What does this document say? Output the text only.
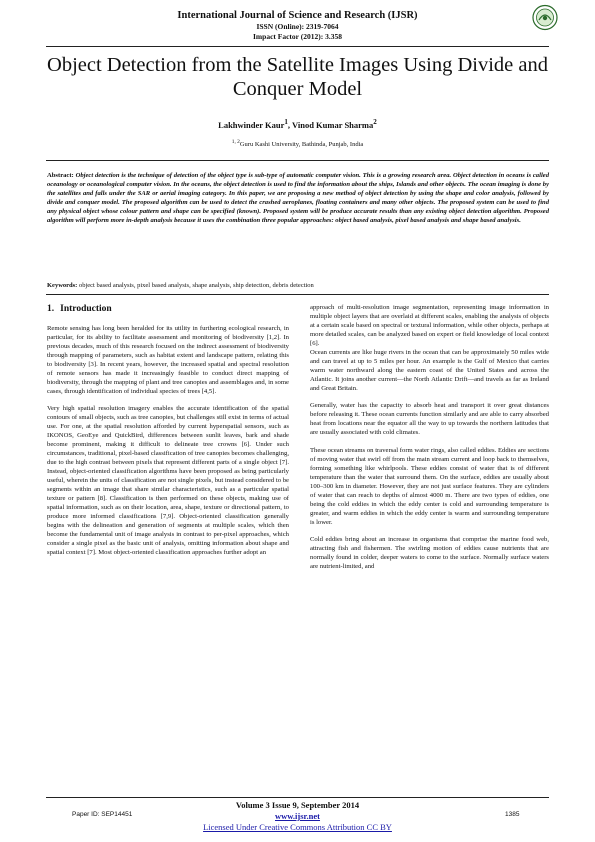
International Journal of Science and Research (IJSR)
ISSN (Online): 2319-7064
Impact Factor (2012): 3.358
Object Detection from the Satellite Images Using Divide and Conquer Model
Lakhwinder Kaur$^1$, Vinod Kumar Sharma$^2$
$^{1, 2}$Guru Kashi University, Bathinda, Punjab, India
Abstract: Object detection is the technique of detection of the object type is sub-type of automatic computer vision. This is a growing research area. Object detection in oceans is called oceanology or oceanological computer vision. In the oceans, the object detection is used to find the information about the ships, Islands and other objects. The ocean imaging is done by the satellites and falls under the SAR or aerial imaging category. In this paper, we are proposing a new method of object detection by using the shape and color analysis, followed by divide and conquer model. The proposed algorithm can be used to detect the crashed aeroplanes, floating containers and many other objects. The proposed system can be used to find any physical object whose colour pattern and shape can be specified (known). Proposed system will be produce accurate results than any existing object detection algorithm. Proposed algorithm will perform more in-depth analysis because it uses the combination three popular approaches: object based analysis, pixel based analysis and shape based analysis.
Keywords: object based analysis, pixel based analysis, shape analysis, ship detection, debris detection

1. Introduction

Remote sensing has long been heralded for its utility in furthering ecological research, in particular, for its ability to facilitate assessment and monitoring of biodiversity [1,2]. In previous decades, much of this research focused on the indirect assessment of biodiversity through mapping of parameters, such as habitat extent and landscape pattern, relating this to biodiversity [3]. In recent years, however, the increased spatial and spectral resolution of remote sensors has made it increasingly feasible to conduct direct mapping of biodiversity, through the mapping of plant and tree canopies and assemblages and, in some cases, through identification of individual species of trees [4,5].

Very high spatial resolution imagery enables the accurate identification of the spatial contours of small objects, such as tree canopies, but challenges still exist in terms of actual use. For one, at the spatial resolution afforded by current hyperspatial sensors, such as IKONOS, GeoEye and QuickBird, differences between sunlit leaves, bark and shade become prominent, making it difficult to delineate tree crowns [6]. Under such circumstances, traditional, pixel-based classification of tree canopies becomes challenging, due to the high contrast between pixels that represent different parts of a single object [7]. Instead, object-oriented classification algorithms have been proposed as being particularly useful, wherein the units of classification are not single pixels, but instead considered to be segments within an image that share similar characteristics, such as a particular spatial texture or pattern [8]. Classification is then performed on these objects, making use of spatial information, such as on their location, area, shape, texture or directional pattern, to produce more informed classifications [7,9]. Object-oriented classification generally begins with the delineation and generation of segments at multiple scales, which then become the fundamental unit of image analysis in contrast to per-pixel approaches, which consider a single pixel as the basic unit of analysis, omitting information about shape and spatial context [7]. Most object-oriented classification approaches further adopt an

approach of multi-resolution image segmentation, representing image information in multiple object layers that are overlaid at different scales, enabling the analysis of objects at a certain scale based on spectral or textural information, while other objects, perhaps at more detailed scales, can be analyzed based on expert or field knowledge of local context [6].

Ocean currents are like huge rivers in the ocean that can be approximately 50 miles wide and can travel at up to 5 miles per hour. An example is the Gulf of Mexico that carries warm water northward along the eastern coast of the United States and across the Atlantic. It joins another current—the North Atlantic Drift—and travels as far as Ireland and Great Britain.

Generally, water has the capacity to absorb heat and transport it over great distances before releasing it. These ocean currents function similarly and are able to carry absorbed heat from locations near the equator all the way to up towards the northern latitudes that are usually associated with cold climates.

These ocean streams on traversal form water rings, also called eddies. Eddies are sections of moving water that swirl off from the main stream current and loop back to themselves, forming something like whirlpools. These eddies consist of water that is of different temperature than the water that surround them. On the surface, eddies are usually about 100–300 km in diameter. However, they are not just surface features. They are cylinders of water that can reach to depths of almost 4000 m. There are two types of eddies, one being the cold eddies in which the eddy center is cold and surrounding temperature is greater, and warm eddies in which the eddy center is warm and surrounding temperature is lower.

Cold eddies bring about an increase in organisms that comprise the marine food web, attracting fish and fishermen. The swirling motion of eddies cause nutrients that are normally found in colder, deeper waters to come to the surface. Normally surface waters are nutrient-limited, and

Volume 3 Issue 9, September 2014
Paper ID: SEP14451	www.ijsr.net	1385
Licensed Under Creative Commons Attribution CC BY
